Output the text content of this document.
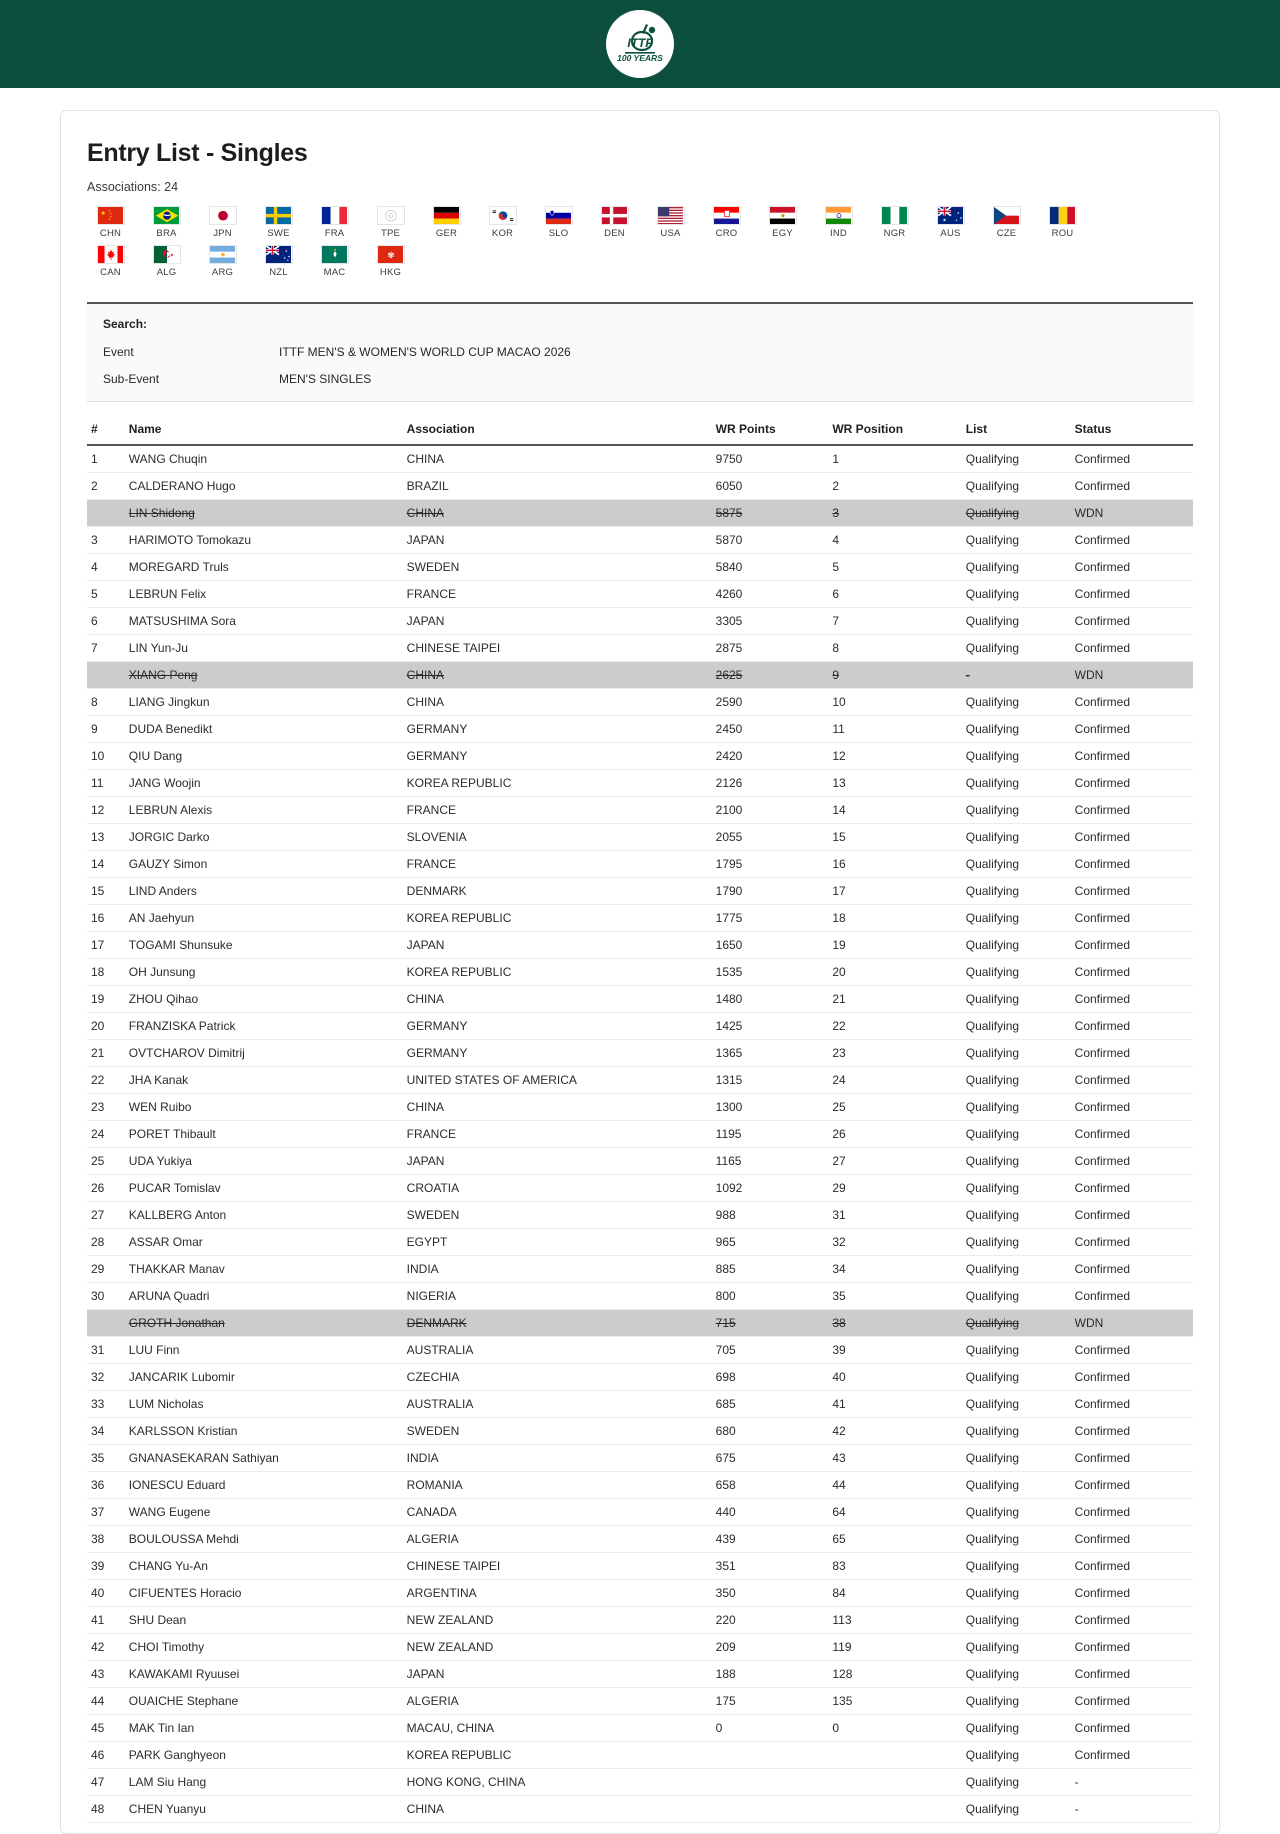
ITTF
100 YEARS
Entry List - Singles
Associations: 24
★ ★
★
★
★
CHN	BRA	JPN	SWE	FRA	TPE	GER	KOR	SLO	DEN	USA	CRO	EGY	IND	NGR
★
★
★
★
AUS	CZE	ROU
CAN
★
ALG	ARG
★
★
★
★
NZL
★
MAC
✾
HKG
Search:
Event	ITTF MEN'S & WOMEN'S WORLD CUP MACAO 2026
Sub-Event	MEN'S SINGLES
#	Name	Association	WR Points	WR Position	List	Status
1	WANG Chuqin	CHINA	9750	1	Qualifying	Confirmed
2	CALDERANO Hugo	BRAZIL	6050	2	Qualifying	Confirmed
	LIN Shidong	CHINA	5875	3	Qualifying	WDN
3	HARIMOTO Tomokazu	JAPAN	5870	4	Qualifying	Confirmed
4	MOREGARD Truls	SWEDEN	5840	5	Qualifying	Confirmed
5	LEBRUN Felix	FRANCE	4260	6	Qualifying	Confirmed
6	MATSUSHIMA Sora	JAPAN	3305	7	Qualifying	Confirmed
7	LIN Yun-Ju	CHINESE TAIPEI	2875	8	Qualifying	Confirmed
	XIANG Peng	CHINA	2625	9	-	WDN
8	LIANG Jingkun	CHINA	2590	10	Qualifying	Confirmed
9	DUDA Benedikt	GERMANY	2450	11	Qualifying	Confirmed
10	QIU Dang	GERMANY	2420	12	Qualifying	Confirmed
11	JANG Woojin	KOREA REPUBLIC	2126	13	Qualifying	Confirmed
12	LEBRUN Alexis	FRANCE	2100	14	Qualifying	Confirmed
13	JORGIC Darko	SLOVENIA	2055	15	Qualifying	Confirmed
14	GAUZY Simon	FRANCE	1795	16	Qualifying	Confirmed
15	LIND Anders	DENMARK	1790	17	Qualifying	Confirmed
16	AN Jaehyun	KOREA REPUBLIC	1775	18	Qualifying	Confirmed
17	TOGAMI Shunsuke	JAPAN	1650	19	Qualifying	Confirmed
18	OH Junsung	KOREA REPUBLIC	1535	20	Qualifying	Confirmed
19	ZHOU Qihao	CHINA	1480	21	Qualifying	Confirmed
20	FRANZISKA Patrick	GERMANY	1425	22	Qualifying	Confirmed
21	OVTCHAROV Dimitrij	GERMANY	1365	23	Qualifying	Confirmed
22	JHA Kanak	UNITED STATES OF AMERICA	1315	24	Qualifying	Confirmed
23	WEN Ruibo	CHINA	1300	25	Qualifying	Confirmed
24	PORET Thibault	FRANCE	1195	26	Qualifying	Confirmed
25	UDA Yukiya	JAPAN	1165	27	Qualifying	Confirmed
26	PUCAR Tomislav	CROATIA	1092	29	Qualifying	Confirmed
27	KALLBERG Anton	SWEDEN	988	31	Qualifying	Confirmed
28	ASSAR Omar	EGYPT	965	32	Qualifying	Confirmed
29	THAKKAR Manav	INDIA	885	34	Qualifying	Confirmed
30	ARUNA Quadri	NIGERIA	800	35	Qualifying	Confirmed
	GROTH Jonathan	DENMARK	715	38	Qualifying	WDN
31	LUU Finn	AUSTRALIA	705	39	Qualifying	Confirmed
32	JANCARIK Lubomir	CZECHIA	698	40	Qualifying	Confirmed
33	LUM Nicholas	AUSTRALIA	685	41	Qualifying	Confirmed
34	KARLSSON Kristian	SWEDEN	680	42	Qualifying	Confirmed
35	GNANASEKARAN Sathiyan	INDIA	675	43	Qualifying	Confirmed
36	IONESCU Eduard	ROMANIA	658	44	Qualifying	Confirmed
37	WANG Eugene	CANADA	440	64	Qualifying	Confirmed
38	BOULOUSSA Mehdi	ALGERIA	439	65	Qualifying	Confirmed
39	CHANG Yu-An	CHINESE TAIPEI	351	83	Qualifying	Confirmed
40	CIFUENTES Horacio	ARGENTINA	350	84	Qualifying	Confirmed
41	SHU Dean	NEW ZEALAND	220	113	Qualifying	Confirmed
42	CHOI Timothy	NEW ZEALAND	209	119	Qualifying	Confirmed
43	KAWAKAMI Ryuusei	JAPAN	188	128	Qualifying	Confirmed
44	OUAICHE Stephane	ALGERIA	175	135	Qualifying	Confirmed
45	MAK Tin Ian	MACAU, CHINA	0	0	Qualifying	Confirmed
46	PARK Ganghyeon	KOREA REPUBLIC			Qualifying	Confirmed
47	LAM Siu Hang	HONG KONG, CHINA			Qualifying	-
48	CHEN Yuanyu	CHINA			Qualifying	-
